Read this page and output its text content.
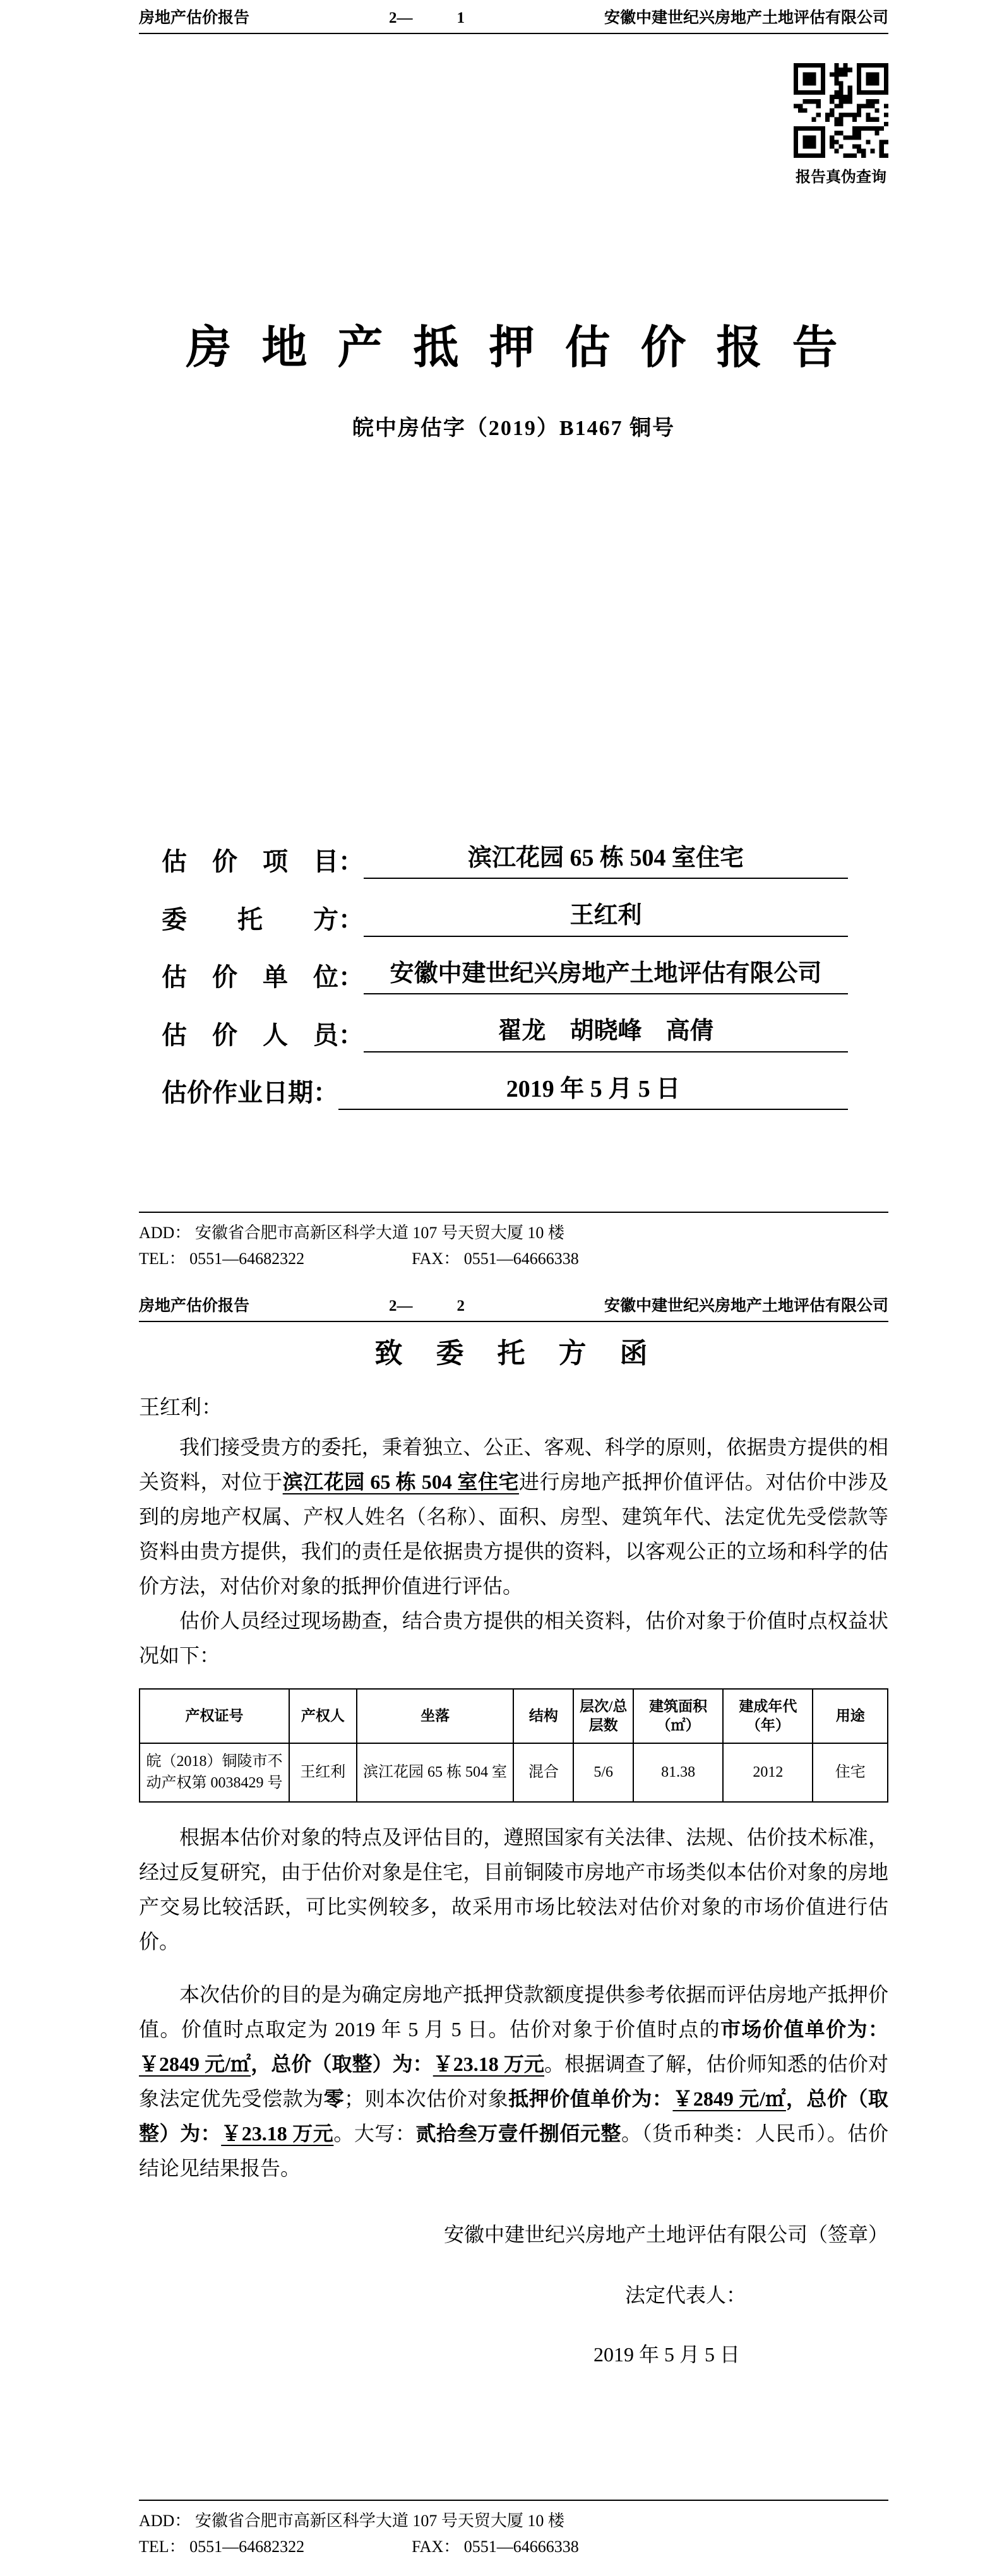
房地产估价报告	2—	1	安徽中建世纪兴房地产土地评估有限公司
房 地 产 抵 押 估 价 报 告
皖中房估字（2019）B1467 铜号
估　价　项　目：	滨江花园 65 栋 504 室住宅
委　　托　　方：	王红利
估　价　单　位：	安徽中建世纪兴房地产土地评估有限公司
估　价　人　员：	翟龙　胡晓峰　高倩
估价作业日期：	2019 年 5 月 5 日
报告真伪查询
ADD： 安徽省合肥市高新区科学大道 107 号天贸大厦 10 楼
TEL： 0551—64682322	FAX： 0551—64666338
房地产估价报告	2—	2	安徽中建世纪兴房地产土地评估有限公司
致 委 托 方 函
王红利：

我们接受贵方的委托，秉着独立、公正、客观、科学的原则，依据贵方提供的相关资料，对位于滨江花园 65 栋 504 室住宅进行房地产抵押价值评估。对估价中涉及到的房地产权属、产权人姓名（名称）、面积、房型、建筑年代、法定优先受偿款等资料由贵方提供，我们的责任是依据贵方提供的资料，以客观公正的立场和科学的估价方法，对估价对象的抵押价值进行评估。

估价人员经过现场勘查，结合贵方提供的相关资料，估价对象于价值时点权益状况如下：

产权证号	产权人	坐落	结构	层次/总层数	建筑面积（㎡）	建成年代（年）	用途
皖（2018）铜陵市不动产权第 0038429 号	王红利	滨江花园 65 栋 504 室	混合	5/6	81.38	2012	住宅

根据本估价对象的特点及评估目的，遵照国家有关法律、法规、估价技术标准，经过反复研究，由于估价对象是住宅，目前铜陵市房地产市场类似本估价对象的房地产交易比较活跃，可比实例较多，故采用市场比较法对估价对象的市场价值进行估价。

本次估价的目的是为确定房地产抵押贷款额度提供参考依据而评估房地产抵押价值。价值时点取定为 2019 年 5 月 5 日。估价对象于价值时点的市场价值单价为：￥2849 元/㎡，总价（取整）为：￥23.18 万元。根据调查了解，估价师知悉的估价对象法定优先受偿款为零；则本次估价对象抵押价值单价为：￥2849 元/㎡，总价（取整）为：￥23.18 万元。大写：贰拾叁万壹仟捌佰元整。（货币种类：人民币）。估价结论见结果报告。

安徽中建世纪兴房地产土地评估有限公司（签章）
法定代表人：
2019 年 5 月 5 日
ADD： 安徽省合肥市高新区科学大道 107 号天贸大厦 10 楼
TEL： 0551—64682322	FAX： 0551—64666338
